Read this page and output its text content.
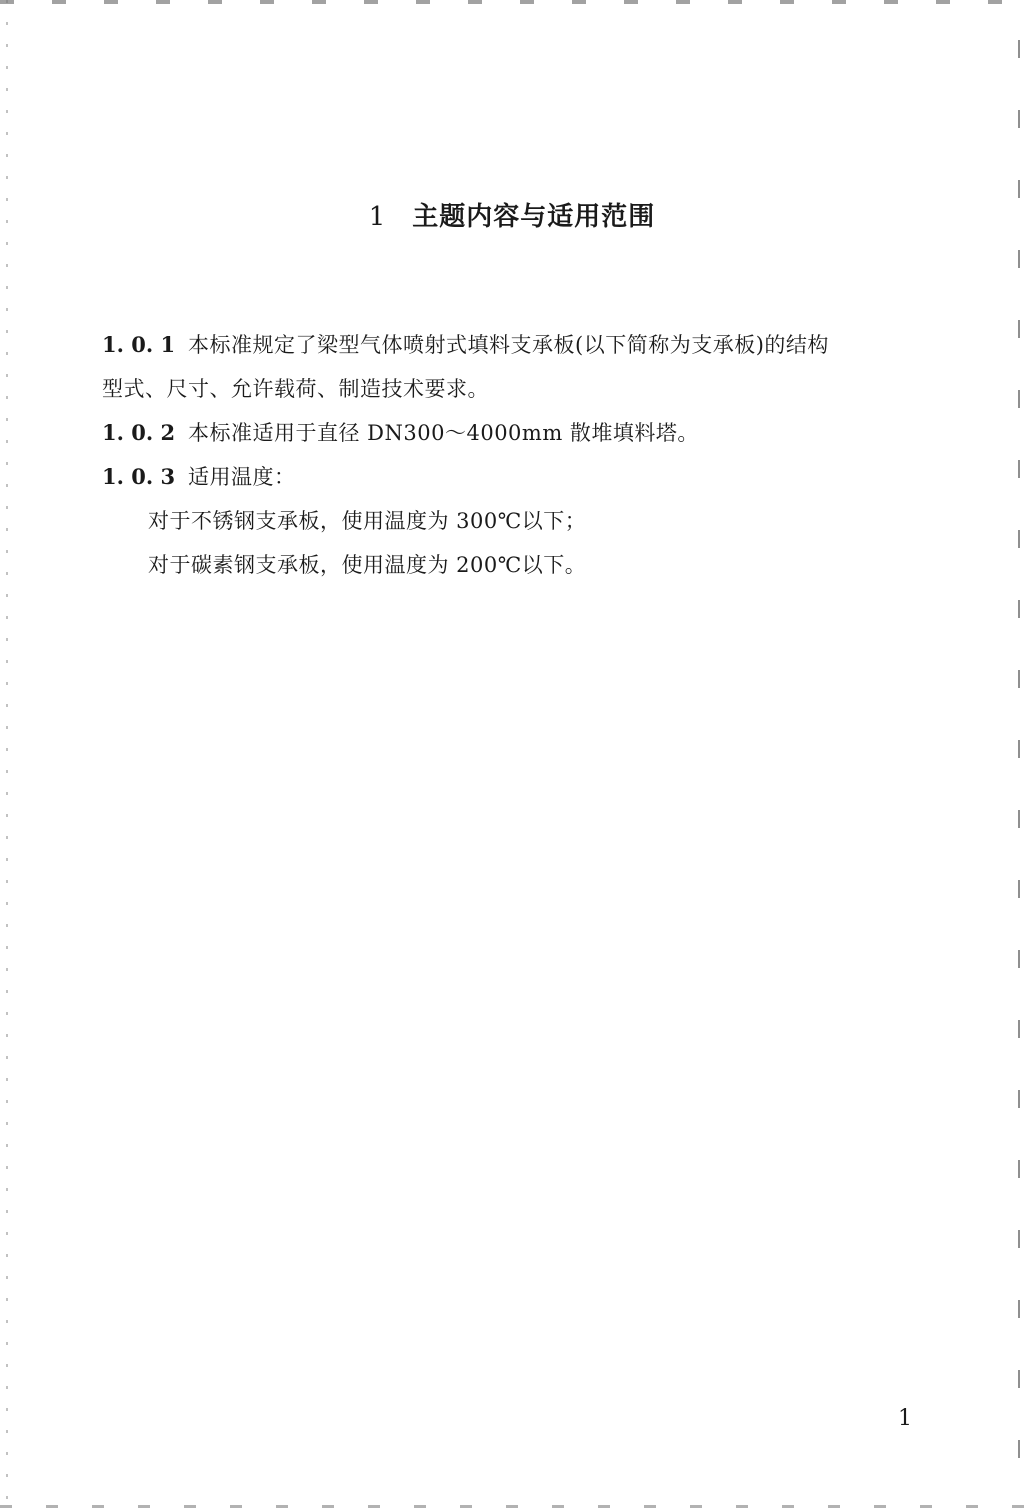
1 主题内容与适用范围
1. 0. 1 本标准规定了梁型气体喷射式填料支承板(以下简称为支承板)的结构
型式、尺寸、允许载荷、制造技术要求。
1. 0. 2 本标准适用于直径 DN300～4000mm 散堆填料塔。
1. 0. 3 适用温度：
对于不锈钢支承板，使用温度为 300℃以下；
对于碳素钢支承板，使用温度为 200℃以下。
1
